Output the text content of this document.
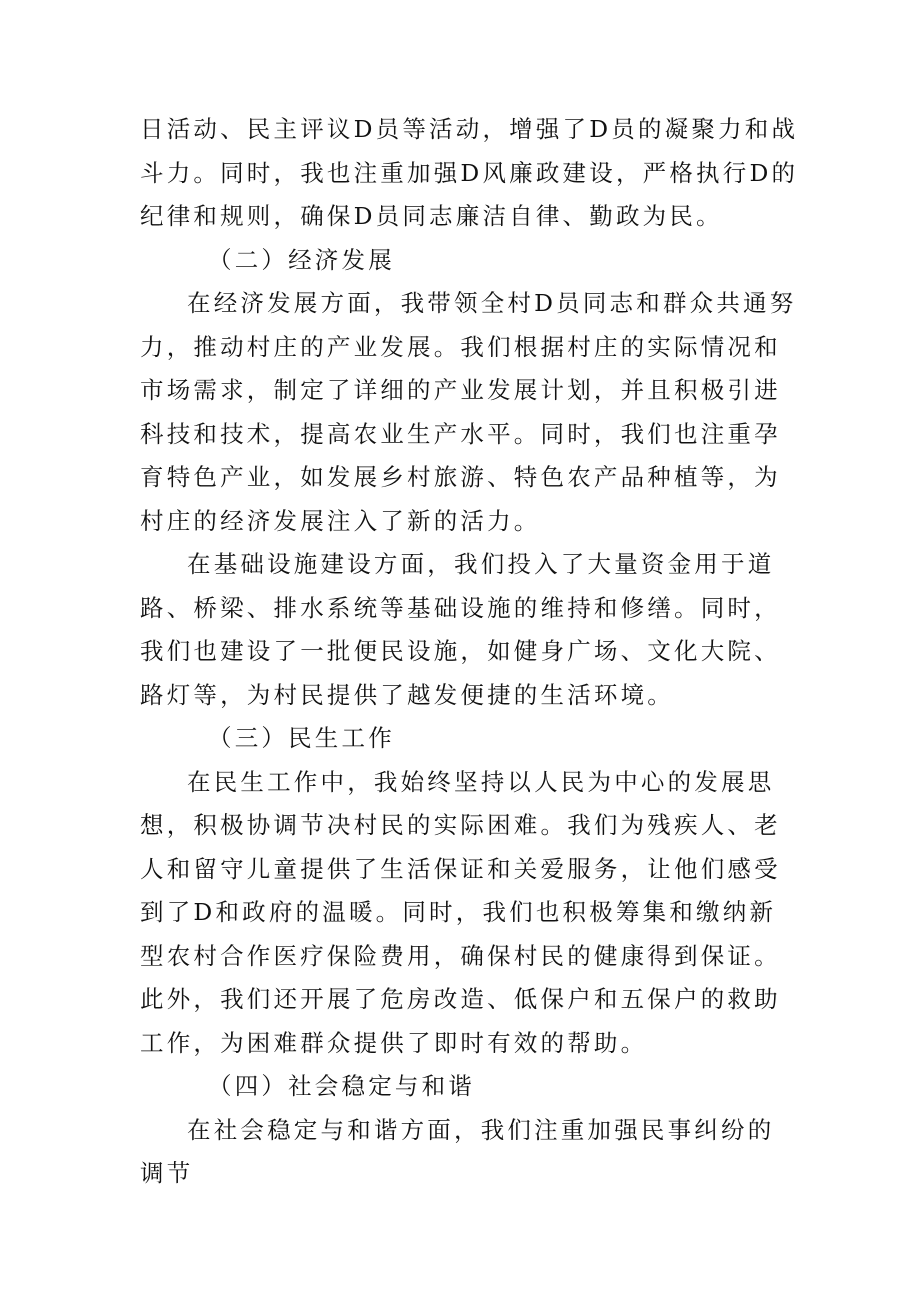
日活动、民主评议D员等活动，增强了D员的凝聚力和战斗力。同时，我也注重加强D风廉政建设，严格执行D的纪律和规则，确保D员同志廉洁自律、勤政为民。

（二）经济发展

在经济发展方面，我带领全村D员同志和群众共通努力，推动村庄的产业发展。我们根据村庄的实际情况和市场需求，制定了详细的产业发展计划，并且积极引进科技和技术，提高农业生产水平。同时，我们也注重孕育特色产业，如发展乡村旅游、特色农产品种植等，为村庄的经济发展注入了新的活力。

在基础设施建设方面，我们投入了大量资金用于道路、桥梁、排水系统等基础设施的维持和修缮。同时，我们也建设了一批便民设施，如健身广场、文化大院、路灯等，为村民提供了越发便捷的生活环境。

（三）民生工作

在民生工作中，我始终坚持以人民为中心的发展思想，积极协调节决村民的实际困难。我们为残疾人、老人和留守儿童提供了生活保证和关爱服务，让他们感受到了D和政府的温暖。同时，我们也积极筹集和缴纳新型农村合作医疗保险费用，确保村民的健康得到保证。此外，我们还开展了危房改造、低保户和五保户的救助工作，为困难群众提供了即时有效的帮助。

（四）社会稳定与和谐

在社会稳定与和谐方面，我们注重加强民事纠纷的调节
